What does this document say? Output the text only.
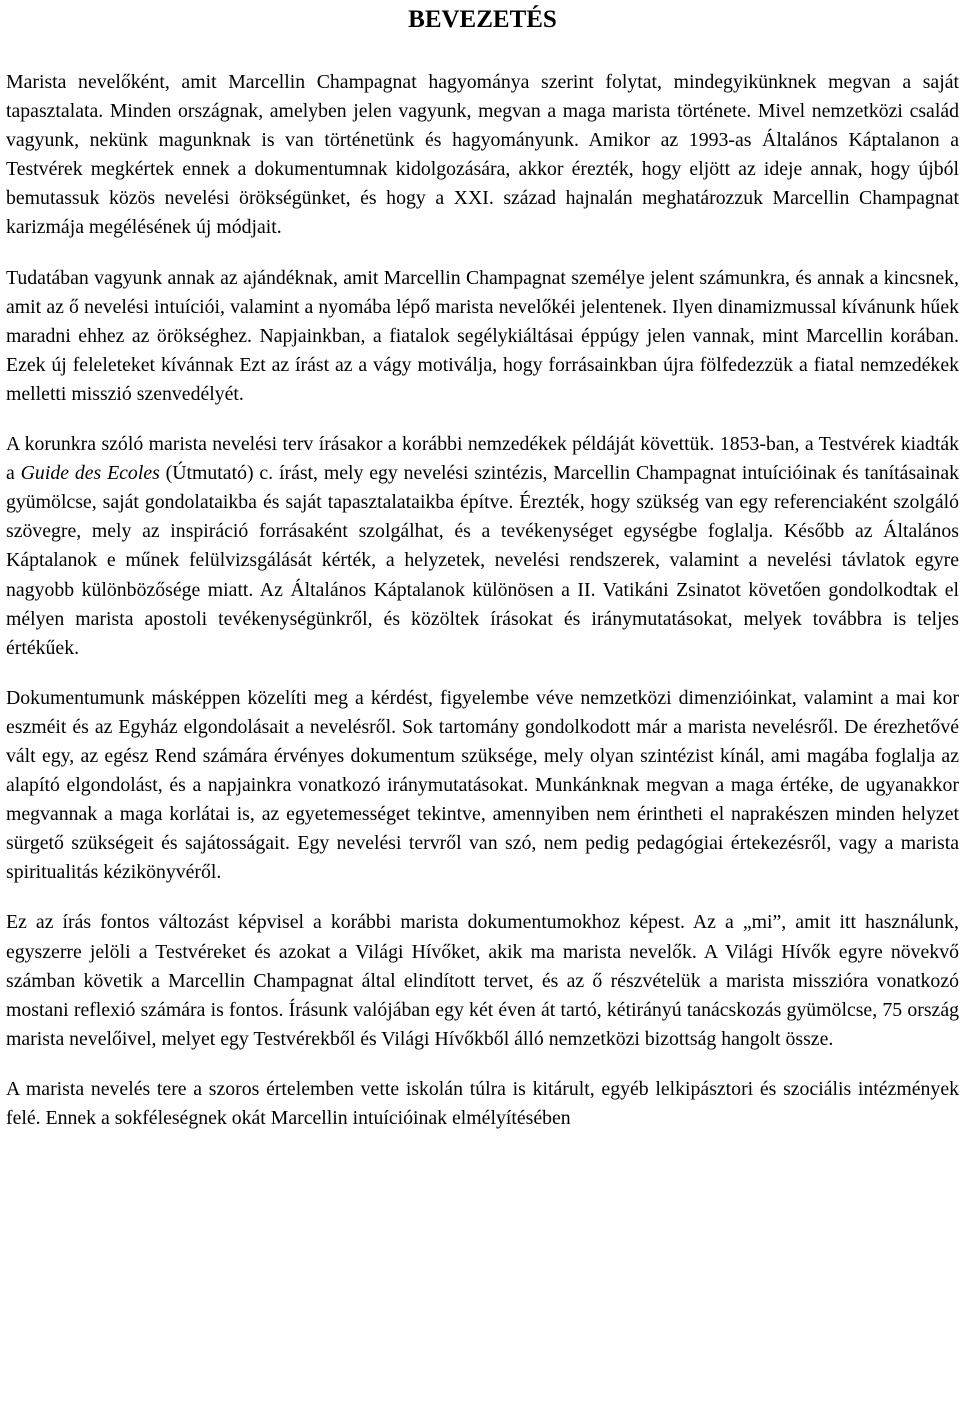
BEVEZETÉS

Marista nevelőként, amit Marcellin Champagnat hagyománya szerint folytat, mindegyikünknek megvan a saját tapasztalata. Minden országnak, amelyben jelen vagyunk, megvan a maga marista története. Mivel nemzetközi család vagyunk, nekünk magunknak is van történetünk és hagyományunk. Amikor az 1993-as Általános Káptalanon a Testvérek megkértek ennek a dokumentumnak kidolgozására, akkor érezték, hogy eljött az ideje annak, hogy újból bemutassuk közös nevelési örökségünket, és hogy a XXI. század hajnalán meghatározzuk Marcellin Champagnat karizmája megélésének új módjait.

Tudatában vagyunk annak az ajándéknak, amit Marcellin Champagnat személye jelent számunkra, és annak a kincsnek, amit az ő nevelési intuíciói, valamint a nyomába lépő marista nevelőkéi jelentenek. Ilyen dinamizmussal kívánunk hűek maradni ehhez az örökséghez. Napjainkban, a fiatalok segélykiáltásai éppúgy jelen vannak, mint Marcellin korában. Ezek új feleleteket kívánnak Ezt az írást az a vágy motiválja, hogy forrásainkban újra fölfedezzük a fiatal nemzedékek melletti misszió szenvedélyét.

A korunkra szóló marista nevelési terv írásakor a korábbi nemzedékek példáját követtük. 1853-ban, a Testvérek kiadták a Guide des Ecoles (Útmutató) c. írást, mely egy nevelési szintézis, Marcellin Champagnat intuícióinak és tanításainak gyümölcse, saját gondolataikba és saját tapasztalataikba építve. Érezték, hogy szükség van egy referenciaként szolgáló szövegre, mely az inspiráció forrásaként szolgálhat, és a tevékenységet egységbe foglalja. Később az Általános Káptalanok e műnek felülvizsgálását kérték, a helyzetek, nevelési rendszerek, valamint a nevelési távlatok egyre nagyobb különbözősége miatt. Az Általános Káptalanok különösen a II. Vatikáni Zsinatot követően gondolkodtak el mélyen marista apostoli tevékenységünkről, és közöltek írásokat és iránymutatásokat, melyek továbbra is teljes értékűek.

Dokumentumunk másképpen közelíti meg a kérdést, figyelembe véve nemzetközi dimenzióinkat, valamint a mai kor eszméit és az Egyház elgondolásait a nevelésről. Sok tartomány gondolkodott már a marista nevelésről. De érezhetővé vált egy, az egész Rend számára érvényes dokumentum szüksége, mely olyan szintézist kínál, ami magába foglalja az alapító elgondolást, és a napjainkra vonatkozó iránymutatásokat. Munkánknak megvan a maga értéke, de ugyanakkor megvannak a maga korlátai is, az egyetemességet tekintve, amennyiben nem érintheti el naprakészen minden helyzet sürgető szükségeit és sajátosságait. Egy nevelési tervről van szó, nem pedig pedagógiai értekezésről, vagy a marista spiritualitás kézikönyvéről.

Ez az írás fontos változást képvisel a korábbi marista dokumentumokhoz képest. Az a „mi”, amit itt használunk, egyszerre jelöli a Testvéreket és azokat a Világi Hívőket, akik ma marista nevelők. A Világi Hívők egyre növekvő számban követik a Marcellin Champagnat által elindított tervet, és az ő részvételük a marista misszióra vonatkozó mostani reflexió számára is fontos. Írásunk valójában egy két éven át tartó, kétirányú tanácskozás gyümölcse, 75 ország marista nevelőivel, melyet egy Testvérekből és Világi Hívőkből álló nemzetközi bizottság hangolt össze.

A marista nevelés tere a szoros értelemben vette iskolán túlra is kitárult, egyéb lelkipásztori és szociális intézmények felé. Ennek a sokféleségnek okát Marcellin intuícióinak elmélyítésében
